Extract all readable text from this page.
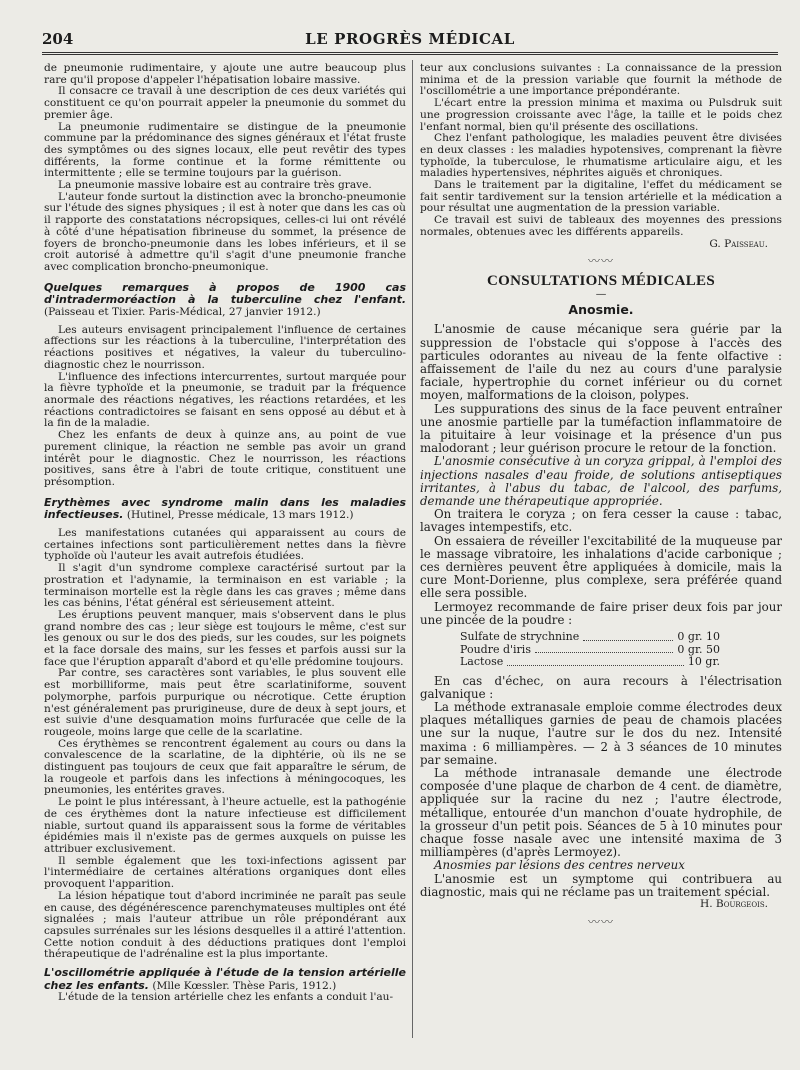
204	LE PROGRÈS MÉDICAL

de pneumonie rudimentaire, y ajoute une autre beaucoup plus rare qu'il propose d'appeler l'hépatisation lobaire massive.

Il consacre ce travail à une description de ces deux variétés qui constituent ce qu'on pourrait appeler la pneumonie du sommet du premier âge.

La pneumonie rudimentaire se distingue de la pneumonie commune par la prédominance des signes généraux et l'état fruste des symptômes ou des signes locaux, elle peut revêtir des types différents, la forme continue et la forme rémittente ou intermittente ; elle se termine toujours par la guérison.

La pneumonie massive lobaire est au contraire très grave.

L'auteur fonde surtout la distinction avec la broncho-pneumonie sur l'étude des signes physiques ; il est à noter que dans les cas où il rapporte des constatations nécropsiques, celles-ci lui ont révélé à côté d'une hépatisation fibrineuse du sommet, la présence de foyers de broncho-pneumonie dans les lobes inférieurs, et il se croit autorisé à admettre qu'il s'agit d'une pneumonie franche avec complication broncho-pneumonique.

Quelques remarques à propos de 1900 cas d'intradermoréaction à la tuberculine chez l'enfant. (Paisseau et Tixier. Paris-Médical, 27 janvier 1912.)

Les auteurs envisagent principalement l'influence de certaines affections sur les réactions à la tuberculine, l'interprétation des réactions positives et négatives, la valeur du tuberculino-diagnostic chez le nourrisson.

L'influence des infections intercurrentes, surtout marquée pour la fièvre typhoïde et la pneumonie, se traduit par la fréquence anormale des réactions négatives, les réactions retardées, et les réactions contradictoires se faisant en sens opposé au début et à la fin de la maladie.

Chez les enfants de deux à quinze ans, au point de vue purement clinique, la réaction ne semble pas avoir un grand intérêt pour le diagnostic. Chez le nourrisson, les réactions positives, sans être à l'abri de toute critique, constituent une présomption.

Erythèmes avec syndrome malin dans les maladies infectieuses. (Hutinel, Presse médicale, 13 mars 1912.)

Les manifestations cutanées qui apparaissent au cours de certaines infections sont particulièrement nettes dans la fièvre typhoïde où l'auteur les avait autrefois étudiées.

Il s'agit d'un syndrome complexe caractérisé surtout par la prostration et l'adynamie, la terminaison en est variable ; la terminaison mortelle est la règle dans les cas graves ; même dans les cas bénins, l'état général est sérieusement atteint.

Les éruptions peuvent manquer, mais s'observent dans le plus grand nombre des cas ; leur siège est toujours le même, c'est sur les genoux ou sur le dos des pieds, sur les coudes, sur les poignets et la face dorsale des mains, sur les fesses et parfois aussi sur la face que l'éruption apparaît d'abord et qu'elle prédomine toujours.

Par contre, ses caractères sont variables, le plus souvent elle est morbilliforme, mais peut être scarlatiniforme, souvent polymorphe, parfois purpurique ou nécrotique. Cette éruption n'est généralement pas prurigineuse, dure de deux à sept jours, et est suivie d'une desquamation moins furfuracée que celle de la rougeole, moins large que celle de la scarlatine.

Ces érythèmes se rencontrent également au cours ou dans la convalescence de la scarlatine, de la diphtérie, où ils ne se distinguent pas toujours de ceux que fait apparaître le sérum, de la rougeole et parfois dans les infections à méningocoques, les pneumonies, les entérites graves.

Le point le plus intéressant, à l'heure actuelle, est la pathogénie de ces érythèmes dont la nature infectieuse est difficilement niable, surtout quand ils apparaissent sous la forme de véritables épidémies mais il n'existe pas de germes auxquels on puisse les attribuer exclusivement.

Il semble également que les toxi-infections agissent par l'intermédiaire de certaines altérations organiques dont elles provoquent l'apparition.

La lésion hépatique tout d'abord incriminée ne paraît pas seule en cause, des dégénérescence parenchymateuses multiples ont été signalées ; mais l'auteur attribue un rôle prépondérant aux capsules surrénales sur les lésions desquelles il a attiré l'attention. Cette notion conduit à des déductions pratiques dont l'emploi thérapeutique de l'adrénaline est la plus importante.

L'oscillométrie appliquée à l'étude de la tension artérielle chez les enfants. (Mlle Kœssler. Thèse Paris, 1912.)

L'étude de la tension artérielle chez les enfants a conduit l'au-

teur aux conclusions suivantes : La connaissance de la pression minima et de la pression variable que fournit la méthode de l'oscillométrie a une importance prépondérante.

L'écart entre la pression minima et maxima ou Pulsdruk suit une progression croissante avec l'âge, la taille et le poids chez l'enfant normal, bien qu'il présente des oscillations.

Chez l'enfant pathologique, les maladies peuvent être divisées en deux classes : les maladies hypotensives, comprenant la fièvre typhoïde, la tuberculose, le rhumatisme articulaire aigu, et les maladies hypertensives, néphrites aiguës et chroniques.

Dans le traitement par la digitaline, l'effet du médicament se fait sentir tardivement sur la tension artérielle et la médication a pour résultat une augmentation de la pression variable.

Ce travail est suivi de tableaux des moyennes des pressions normales, obtenues avec les différents appareils.

G. Paisseau.
〰〰
CONSULTATIONS MÉDICALES
—
Anosmie.

L'anosmie de cause mécanique sera guérie par la suppression de l'obstacle qui s'oppose à l'accès des particules odorantes au niveau de la fente olfactive : affaissement de l'aile du nez au cours d'une paralysie faciale, hypertrophie du cornet inférieur ou du cornet moyen, malformations de la cloison, polypes.

Les suppurations des sinus de la face peuvent entraîner une anosmie partielle par la tuméfaction inflammatoire de la pituitaire à leur voisinage et la présence d'un pus malodorant ; leur guérison procure le retour de la fonction.

L'anosmie consécutive à un coryza grippal, à l'emploi des injections nasales d'eau froide, de solutions antiseptiques irritantes, à l'abus du tabac, de l'alcool, des parfums, demande une thérapeutique appropriée.

On traitera le coryza ; on fera cesser la cause : tabac, lavages intempestifs, etc.

On essaiera de réveiller l'excitabilité de la muqueuse par le massage vibratoire, les inhalations d'acide carbonique ; ces dernières peuvent être appliquées à domicile, mais la cure Mont-Dorienne, plus complexe, sera préférée quand elle sera possible.

Lermoyez recommande de faire priser deux fois par jour une pincée de la poudre :

Sulfate de strychnine	0 gr. 10
Poudre d'iris	0 gr. 50
Lactose	10 gr.

En cas d'échec, on aura recours à l'électrisation galvanique :

La méthode extranasale emploie comme électrodes deux plaques métalliques garnies de peau de chamois placées une sur la nuque, l'autre sur le dos du nez. Intensité maxima : 6 milliampères. — 2 à 3 séances de 10 minutes par semaine.

La méthode intranasale demande une électrode composée d'une plaque de charbon de 4 cent. de diamètre, appliquée sur la racine du nez ; l'autre électrode, métallique, entourée d'un manchon d'ouate hydrophile, de la grosseur d'un petit pois. Séances de 5 à 10 minutes pour chaque fosse nasale avec une intensité maxima de 3 milliampères (d'après Lermoyez).

Anosmies par lésions des centres nerveux

L'anosmie est un symptome qui contribuera au diagnostic, mais qui ne réclame pas un traitement spécial.

H. Bourgeois.
〰〰
